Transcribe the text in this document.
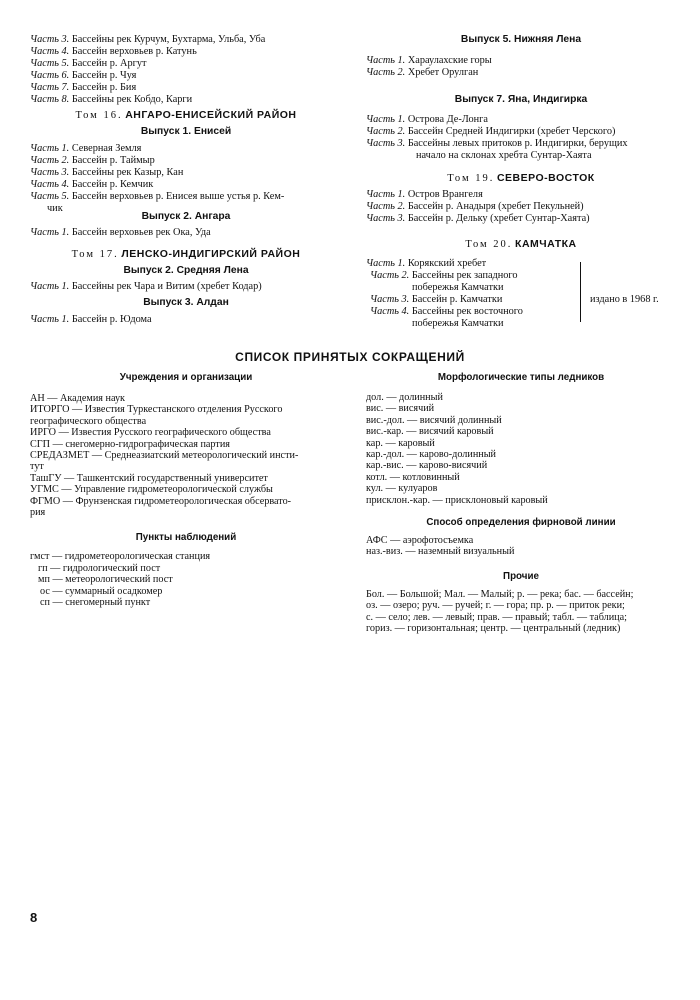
Часть 3. Бассейны рек Курчум, Бухтарма, Ульба, Уба
Часть 4. Бассейн верховьев р. Катунь
Часть 5. Бассейн р. Аргут
Часть 6. Бассейн р. Чуя
Часть 7. Бассейн р. Бия
Часть 8. Бассейны рек Кобдо, Карги
Том 16. АНГАРО-ЕНИСЕЙСКИЙ РАЙОН
Выпуск 1. Енисей
Часть 1. Северная Земля
Часть 2. Бассейн р. Таймыр
Часть 3. Бассейны рек Казыр, Кан
Часть 4. Бассейн р. Кемчик
Часть 5. Бассейн верховьев р. Енисея выше устья р. Кем-
чик
Выпуск 2. Ангара
Часть 1. Бассейн верховьев рек Ока, Уда
Том 17. ЛЕНСКО-ИНДИГИРСКИЙ РАЙОН
Выпуск 2. Средняя Лена
Часть 1. Бассейны рек Чара и Витим (хребет Кодар)
Выпуск 3. Алдан
Часть 1. Бассейн р. Юдома
Выпуск 5. Нижняя Лена
Часть 1. Хараулахские горы
Часть 2. Хребет Орулган
Выпуск 7. Яна, Индигирка
Часть 1. Острова Де-Лонга
Часть 2. Бассейн Средней Индигирки (хребет Черского)
Часть 3. Бассейны левых притоков р. Индигирки, берущих
начало на склонах хребта Сунтар-Хаята
Том 19. СЕВЕРО-ВОСТОК
Часть 1. Остров Врангеля
Часть 2. Бассейн р. Анадыря (хребет Пекульней)
Часть 3. Бассейн р. Дельку (хребет Сунтар-Хаята)
Том 20. КАМЧАТКА
Часть 1. Корякский хребет
Часть 2. Бассейны рек западного
побережья Камчатки
Часть 3. Бассейн р. Камчатки
Часть 4. Бассейны рек восточного
побережья Камчатки
издано в 1968 г.
СПИСОК ПРИНЯТЫХ СОКРАЩЕНИЙ
Учреждения и организации
АН — Академия наук
ИТОРГО — Известия Туркестанского отделения Русского
географического общества
ИРГО — Известия Русского географического общества
СГП — снегомерно-гидрографическая партия
СРЕДАЗМЕТ — Среднеазиатский метеорологический инсти-
тут
ТашГУ — Ташкентский государственный университет
УГМС — Управление гидрометеорологической службы
ФГМО — Фрунзенская гидрометеорологическая обсервато-
рия
Пункты наблюдений
гмст — гидрометеорологическая станция
гп — гидрологический пост
мп — метеорологический пост
ос — суммарный осадкомер
сп — снегомерный пункт
Морфологические типы ледников
дол. — долинный
вис. — висячий
вис.-дол. — висячий долинный
вис.-кар. — висячий каровый
кар. — каровый
кар.-дол. — карово-долинный
кар.-вис. — карово-висячий
котл. — котловинный
кул. — кулуаров
присклон.-кар. — присклоновый каровый
Способ определения фирновой линии
АФС — аэрофотосъемка
наз.-виз. — наземный визуальный
Прочие
Бол. — Большой; Мал. — Малый; р. — река; бас. — бассейн;
оз. — озеро; руч. — ручей; г. — гора; пр. р. — приток реки;
с. — село; лев. — левый; прав. — правый; табл. — таблица;
гориз. — горизонтальная; центр. — центральный (ледник)
8
